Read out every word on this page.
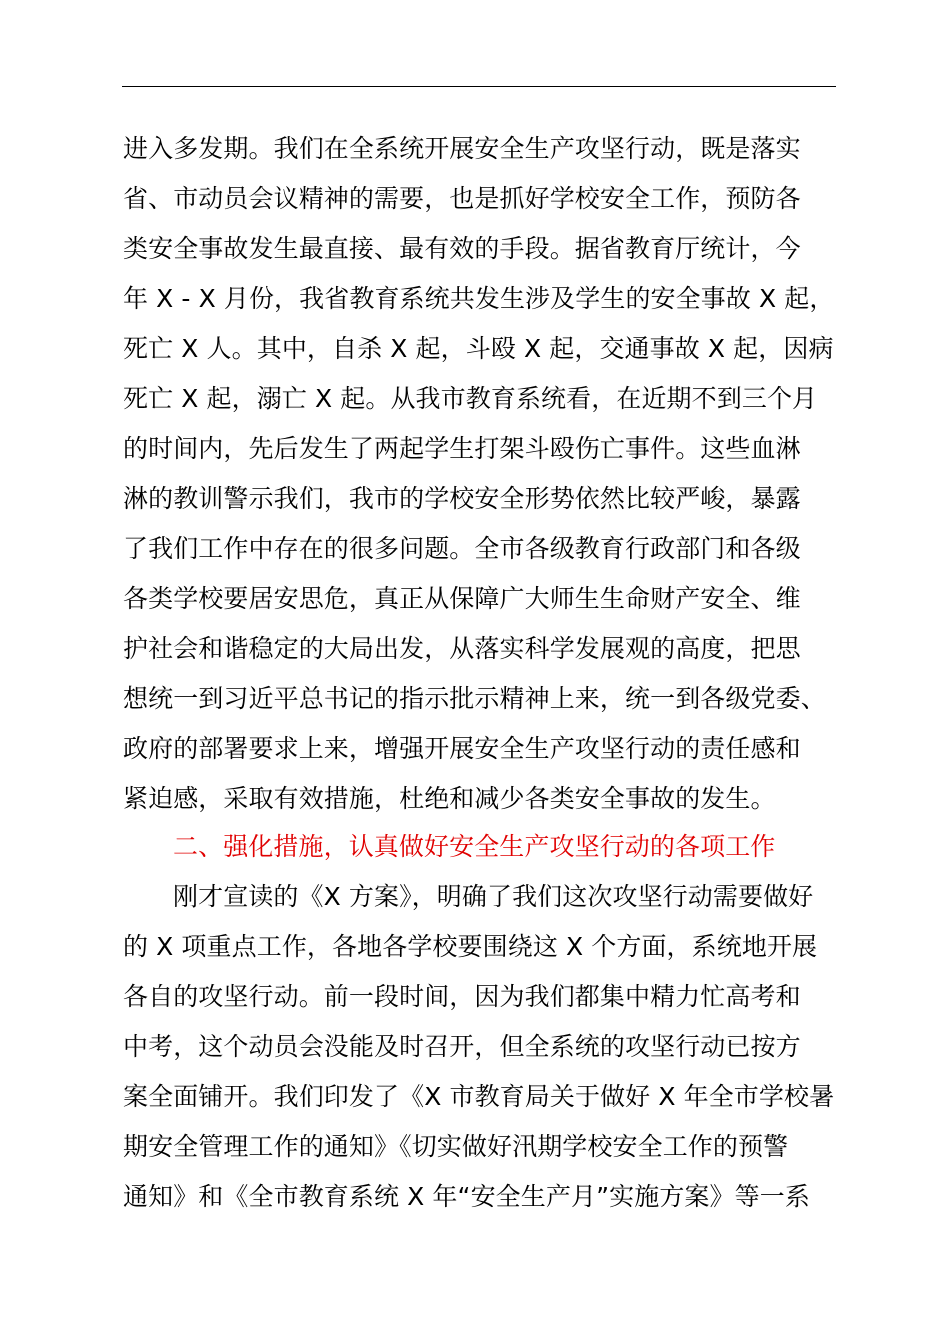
进入多发期。我们在全系统开展安全生产攻坚行动，既是落实
省、市动员会议精神的需要，也是抓好学校安全工作，预防各
类安全事故发生最直接、最有效的手段。据省教育厅统计，今
年 X - X 月份，我省教育系统共发生涉及学生的安全事故 X 起，
死亡 X 人。其中，自杀 X 起，斗殴 X 起，交通事故 X 起，因病
死亡 X 起，溺亡 X 起。从我市教育系统看，在近期不到三个月
的时间内，先后发生了两起学生打架斗殴伤亡事件。这些血淋
淋的教训警示我们，我市的学校安全形势依然比较严峻，暴露
了我们工作中存在的很多问题。全市各级教育行政部门和各级
各类学校要居安思危，真正从保障广大师生生命财产安全、维
护社会和谐稳定的大局出发，从落实科学发展观的高度，把思
想统一到习近平总书记的指示批示精神上来，统一到各级党委、
政府的部署要求上来，增强开展安全生产攻坚行动的责任感和
紧迫感，采取有效措施，杜绝和减少各类安全事故的发生。
二、强化措施，认真做好安全生产攻坚行动的各项工作
刚才宣读的《X 方案》，明确了我们这次攻坚行动需要做好
的 X 项重点工作，各地各学校要围绕这 X 个方面，系统地开展
各自的攻坚行动。前一段时间，因为我们都集中精力忙高考和
中考，这个动员会没能及时召开，但全系统的攻坚行动已按方
案全面铺开。我们印发了《X 市教育局关于做好 X 年全市学校暑
期安全管理工作的通知》《切实做好汛期学校安全工作的预警
通知》和《全市教育系统 X 年“安全生产月”实施方案》等一系
